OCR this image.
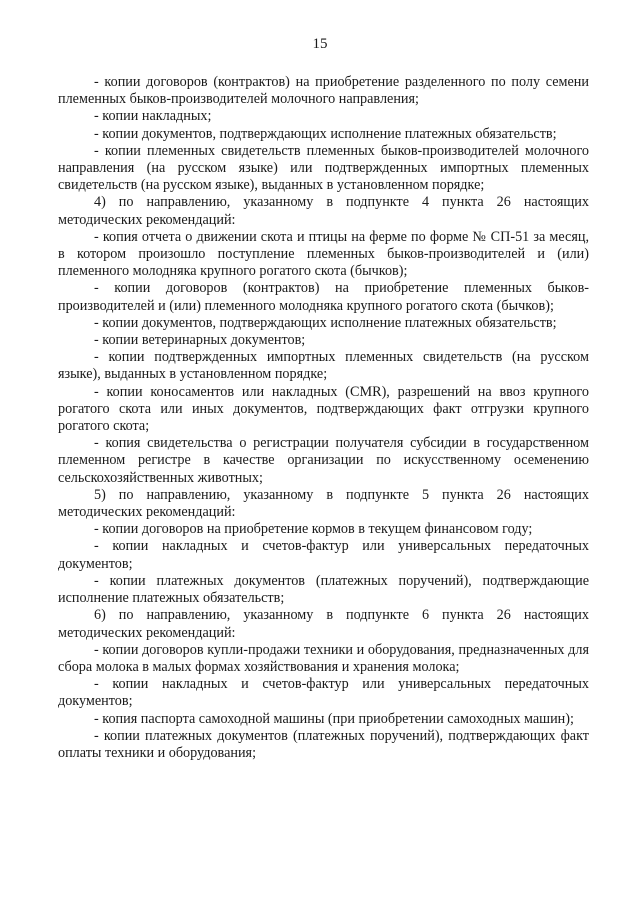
15

- копии договоров (контрактов) на приобретение разделенного по полу семени племенных быков-производителей молочного направления;

- копии накладных;

- копии документов, подтверждающих исполнение платежных обязательств;

- копии племенных свидетельств племенных быков-производителей молочного направления (на русском языке) или подтвержденных импортных племенных свидетельств (на русском языке), выданных в установленном порядке;

4) по направлению, указанному в подпункте 4 пункта 26 настоящих методических рекомендаций:

- копия отчета о движении скота и птицы на ферме по форме № СП-51 за месяц, в котором произошло поступление племенных быков-производителей и (или) племенного молодняка крупного рогатого скота (бычков);

- копии договоров (контрактов) на приобретение племенных быков-производителей и (или) племенного молодняка крупного рогатого скота (бычков);

- копии документов, подтверждающих исполнение платежных обязательств;

- копии ветеринарных документов;

- копии подтвержденных импортных племенных свидетельств (на русском языке), выданных в установленном порядке;

- копии коносаментов или накладных (CMR), разрешений на ввоз крупного рогатого скота или иных документов, подтверждающих факт отгрузки крупного рогатого скота;

- копия свидетельства о регистрации получателя субсидии в государственном племенном регистре в качестве организации по искусственному осеменению сельскохозяйственных животных;

5) по направлению, указанному в подпункте 5 пункта 26 настоящих методических рекомендаций:

- копии договоров на приобретение кормов в текущем финансовом году;

- копии накладных и счетов-фактур или универсальных передаточных документов;

- копии платежных документов (платежных поручений), подтверждающие исполнение платежных обязательств;

6) по направлению, указанному в подпункте 6 пункта 26 настоящих методических рекомендаций:

- копии договоров купли-продажи техники и оборудования, предназначенных для сбора молока в малых формах хозяйствования и хранения молока;

- копии накладных и счетов-фактур или универсальных передаточных документов;

- копия паспорта самоходной машины (при приобретении самоходных машин);

- копии платежных документов (платежных поручений), подтверждающих факт оплаты техники и оборудования;
